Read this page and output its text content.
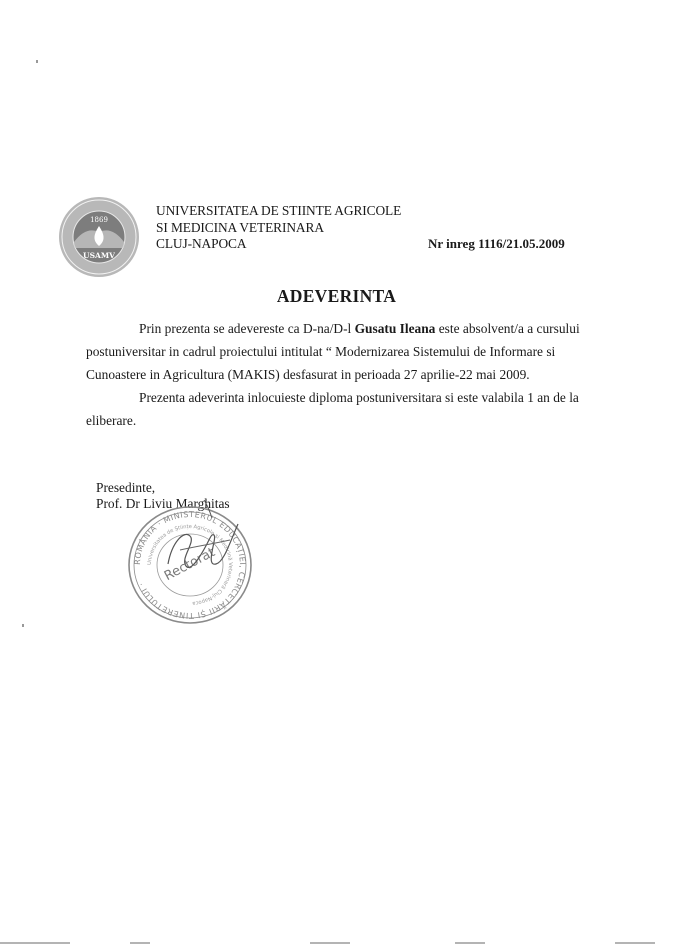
1869
USAMV
UNIVERSITATEA DE STIINTE AGRICOLE
SI MEDICINA VETERINARA
CLUJ-NAPOCA	Nr inreg 1116/21.05.2009
ADEVERINTA
Prin prezenta se adevereste ca D-na/D-l Gusatu Ileana este absolvent/a a cursului
postuniversitar in cadrul proiectului intitulat “ Modernizarea Sistemului de Informare si
Cunoastere in Agricultura (MAKIS) desfasurat in perioada 27 aprilie-22 mai 2009.
Prezenta adeverinta inlocuieste diploma postuniversitara si este valabila 1 an de la
eliberare.
Presedinte,
Prof. Dr Liviu Marghitas
ROMÂNIA · MINISTERUL EDUCAȚIEI, CERCETĂRII ȘI TINERETULUI ·
Universitatea de Științe Agricole și Medicină Veterinară Cluj-Napoca
Rectorat
